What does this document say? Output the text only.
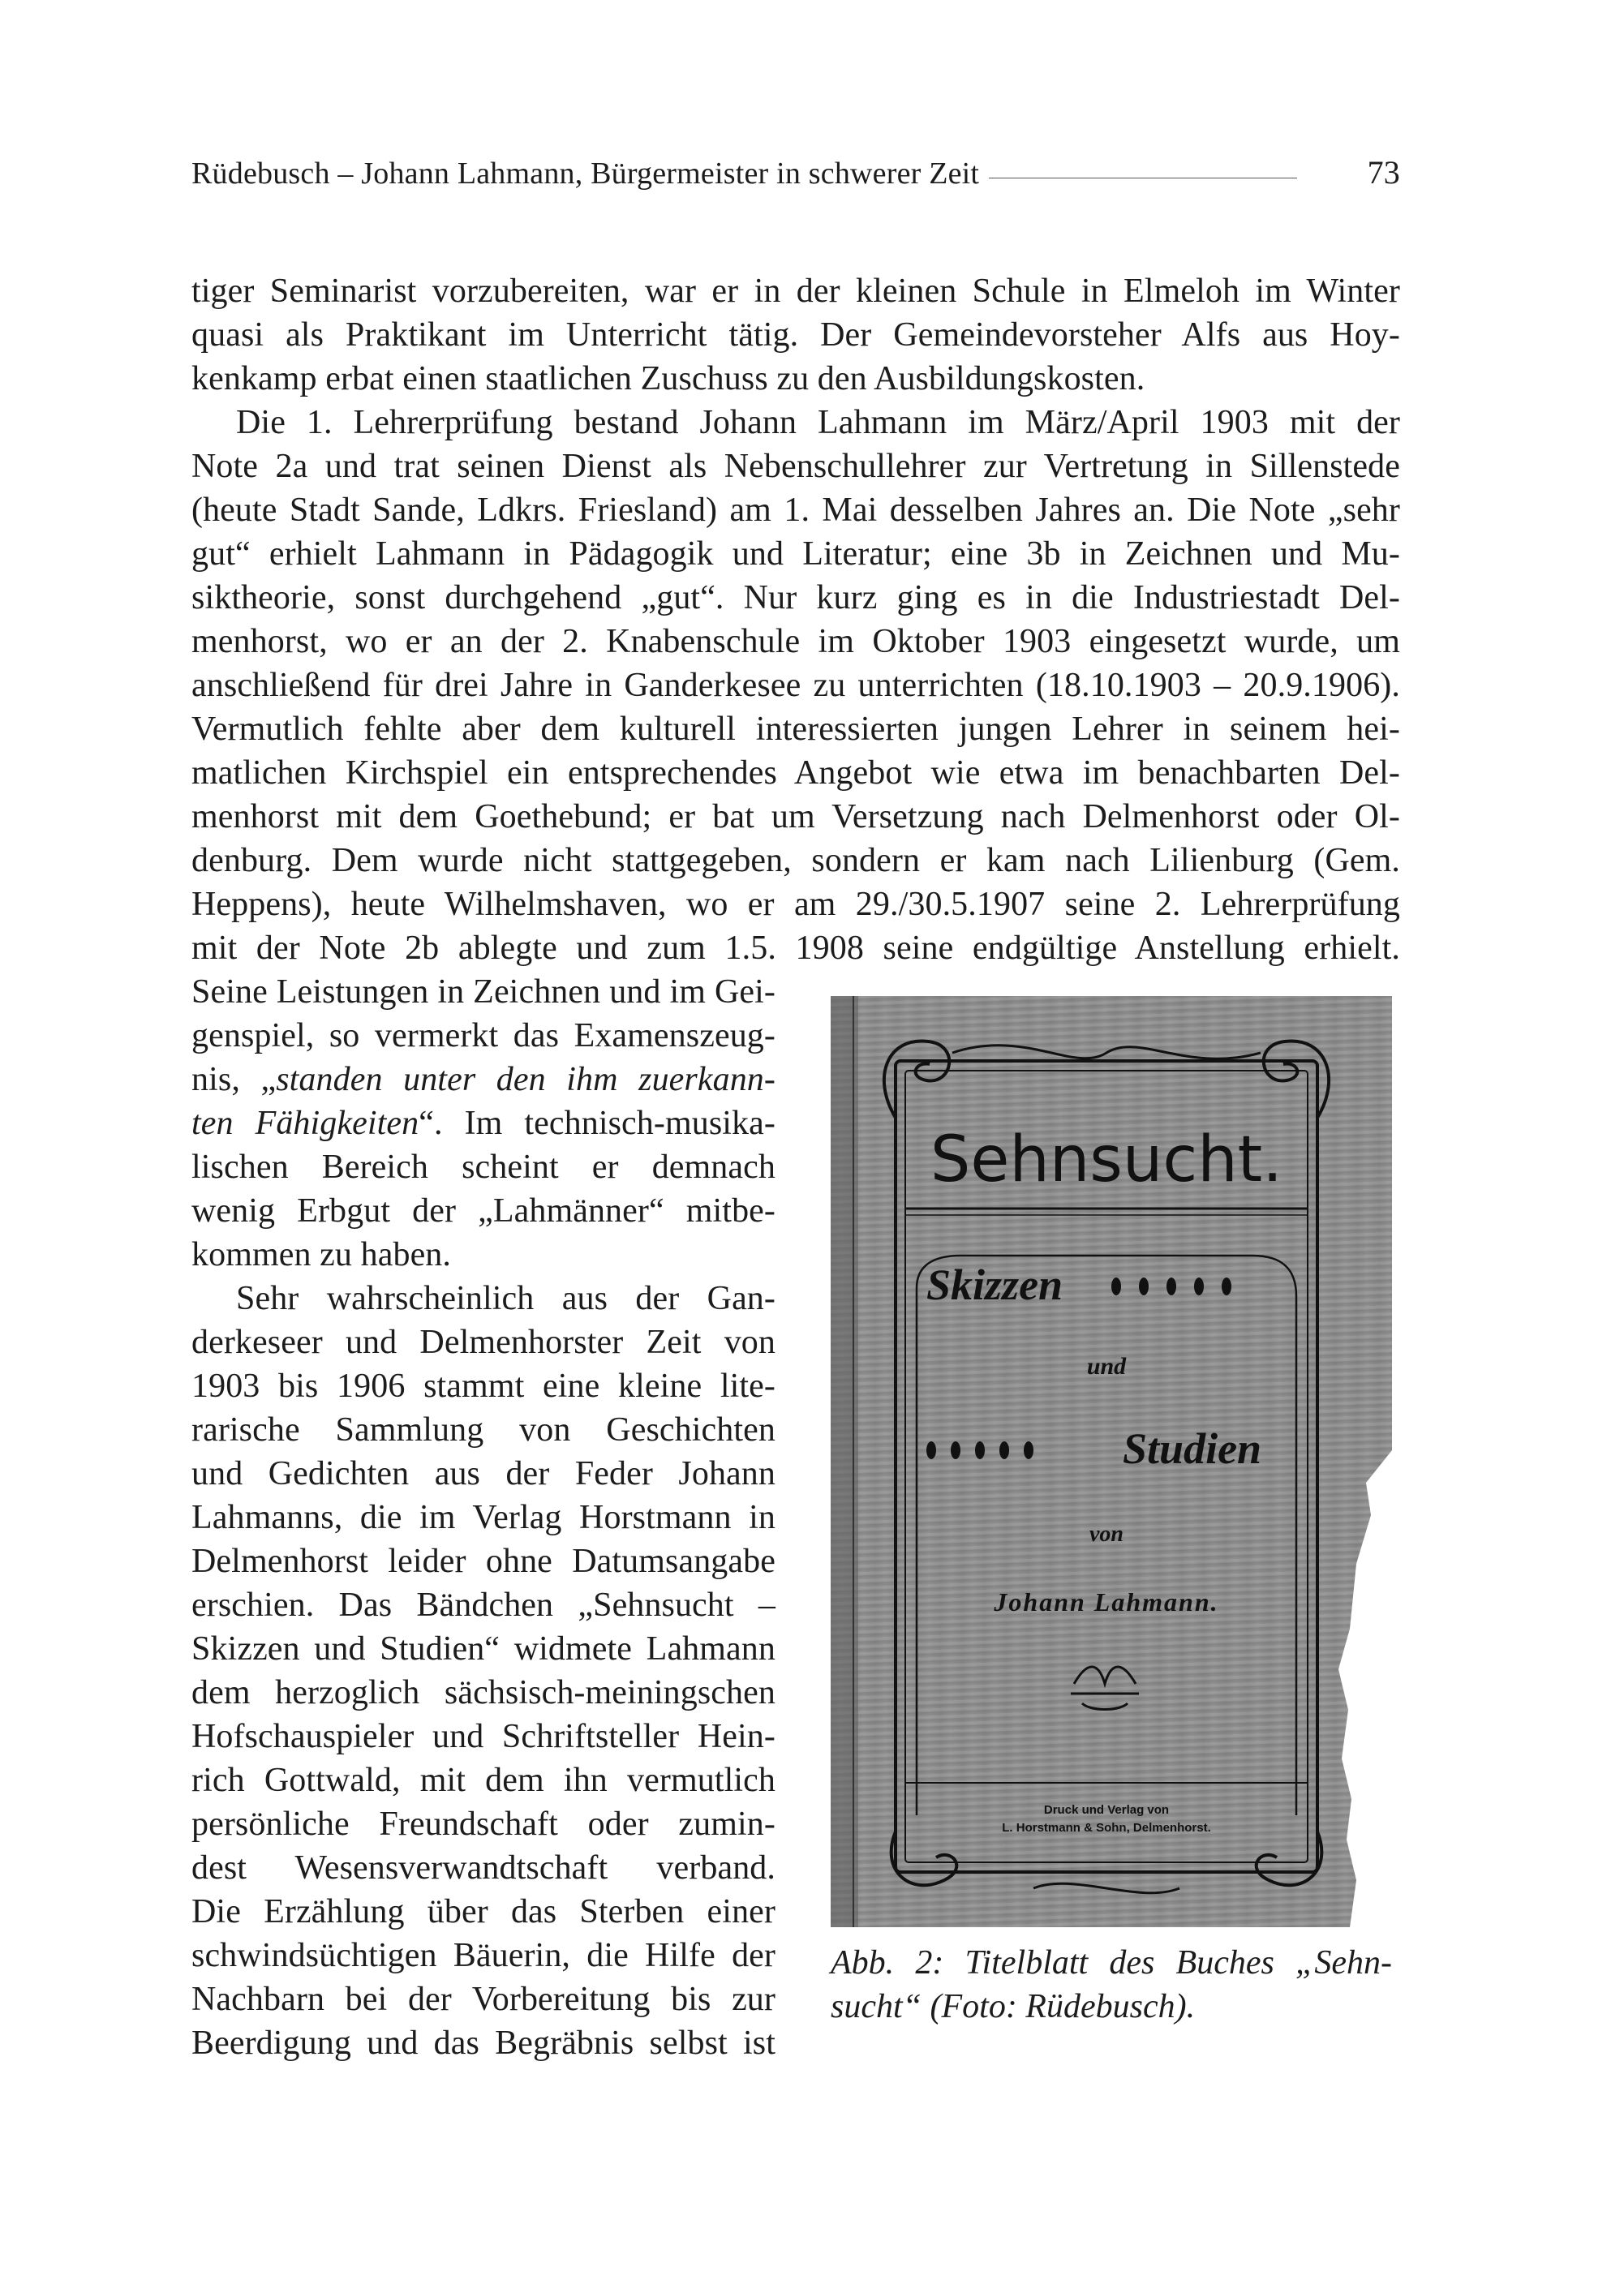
Rüdebusch – Johann Lahmann, Bürgermeister in schwerer Zeit	73
tiger Seminarist vorzubereiten, war er in der kleinen Schule in Elmeloh im Winter
quasi als Praktikant im Unterricht tätig. Der Gemeindevorsteher Alfs aus Hoy-
kenkamp erbat einen staatlichen Zuschuss zu den Ausbildungskosten.
Die 1. Lehrerprüfung bestand Johann Lahmann im März/April 1903 mit der
Note 2a und trat seinen Dienst als Nebenschullehrer zur Vertretung in Sillenstede
(heute Stadt Sande, Ldkrs. Friesland) am 1. Mai desselben Jahres an. Die Note „sehr
gut“ erhielt Lahmann in Pädagogik und Literatur; eine 3b in Zeichnen und Mu-
siktheorie, sonst durchgehend „gut“. Nur kurz ging es in die Industriestadt Del-
menhorst, wo er an der 2. Knabenschule im Oktober 1903 eingesetzt wurde, um
anschließend für drei Jahre in Ganderkesee zu unterrichten (18.10.1903 – 20.9.1906).
Vermutlich fehlte aber dem kulturell interessierten jungen Lehrer in seinem hei-
matlichen Kirchspiel ein entsprechendes Angebot wie etwa im benachbarten Del-
menhorst mit dem Goethebund; er bat um Versetzung nach Delmenhorst oder Ol-
denburg. Dem wurde nicht stattgegeben, sondern er kam nach Lilienburg (Gem.
Heppens), heute Wilhelmshaven, wo er am 29./30.5.1907 seine 2. Lehrerprüfung
mit der Note 2b ablegte und zum 1.5. 1908 seine endgültige Anstellung erhielt.
Seine Leistungen in Zeichnen und im Gei-
genspiel, so vermerkt das Examenszeug-
nis, „standen unter den ihm zuerkann-
ten Fähigkeiten“. Im technisch-musika-
lischen Bereich scheint er demnach
wenig Erbgut der „Lahmänner“ mitbe-
kommen zu haben.
Sehr wahrscheinlich aus der Gan-
derkeseer und Delmenhorster Zeit von
1903 bis 1906 stammt eine kleine lite-
rarische Sammlung von Geschichten
und Gedichten aus der Feder Johann
Lahmanns, die im Verlag Horstmann in
Delmenhorst leider ohne Datumsangabe
erschien. Das Bändchen „Sehnsucht –
Skizzen und Studien“ widmete Lahmann
dem herzoglich sächsisch-meiningschen
Hofschauspieler und Schriftsteller Hein-
rich Gottwald, mit dem ihn vermutlich
persönliche Freundschaft oder zumin-
dest Wesensverwandtschaft verband.
Die Erzählung über das Sterben einer
schwindsüchtigen Bäuerin, die Hilfe der
Nachbarn bei der Vorbereitung bis zur
Beerdigung und das Begräbnis selbst ist
Sehnsucht.
Skizzen
und
Studien
von
Johann Lahmann.
Druck und Verlag von
L. Horstmann & Sohn, Delmenhorst.
Abb. 2: Titelblatt des Buches „Sehn-
sucht“ (Foto: Rüdebusch).
